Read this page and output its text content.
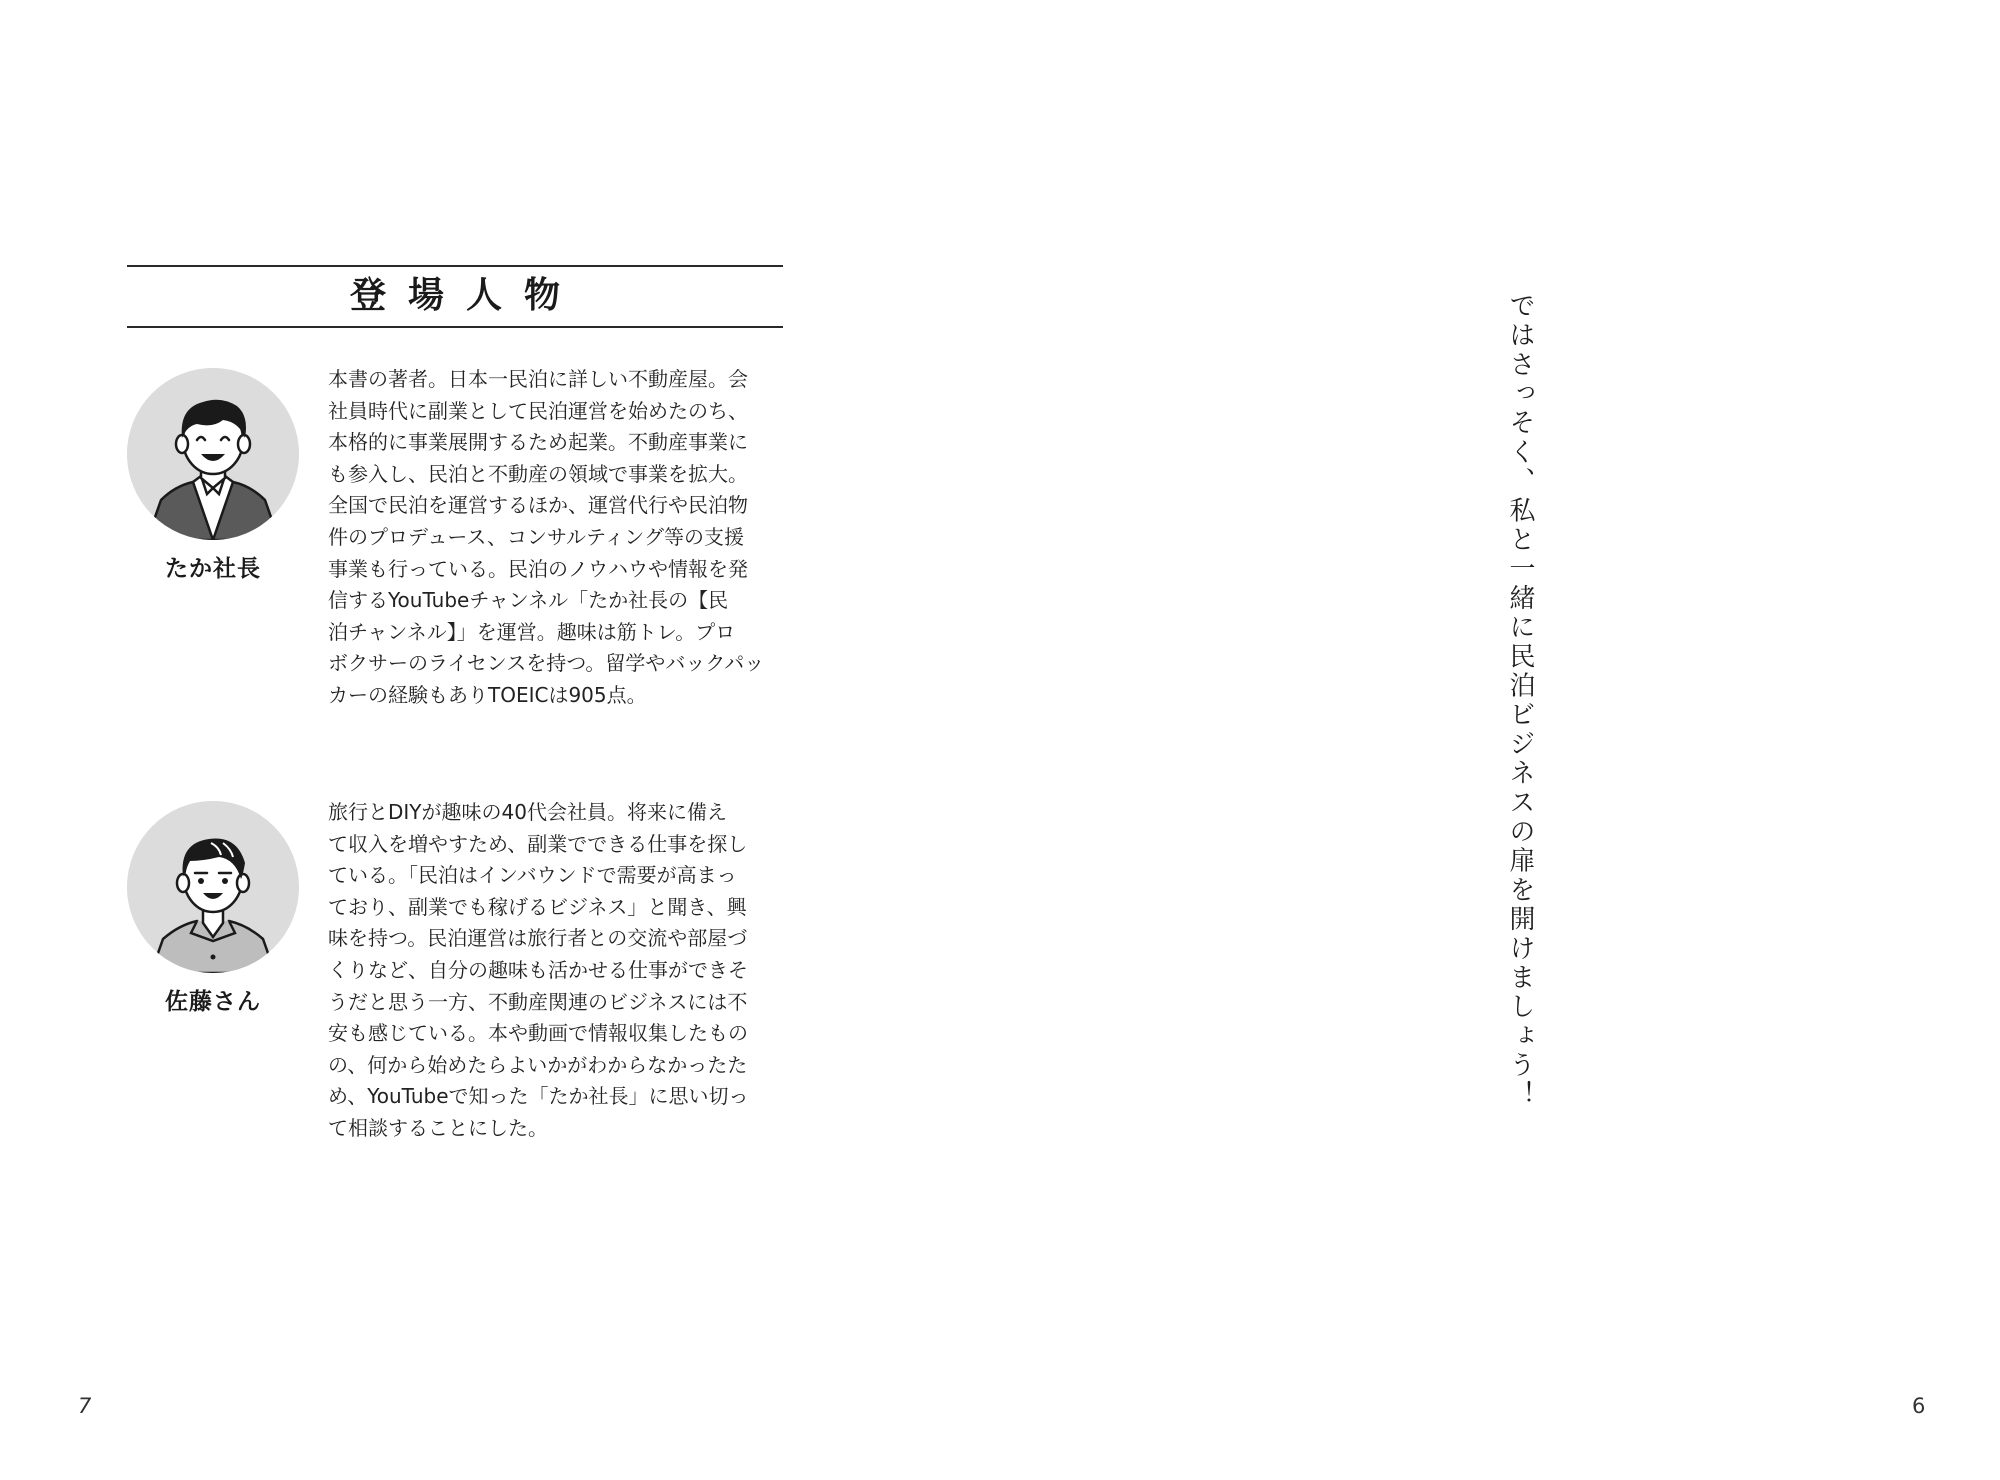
登場人物
たか社長
本書の著者。日本一民泊に詳しい不動産屋。会
社員時代に副業として民泊運営を始めたのち、
本格的に事業展開するため起業。不動産事業に
も参入し、民泊と不動産の領域で事業を拡大。
全国で民泊を運営するほか、運営代行や民泊物
件のプロデュース、コンサルティング等の支援
事業も行っている。民泊のノウハウや情報を発
信するYouTubeチャンネル「たか社長の【民
泊チャンネル】」を運営。趣味は筋トレ。プロ
ボクサーのライセンスを持つ。留学やバックパッ
カーの経験もありTOEICは905点。
佐藤さん
旅行とDIYが趣味の40代会社員。将来に備え
て収入を増やすため、副業でできる仕事を探し
ている。「民泊はインバウンドで需要が高まっ
ており、副業でも稼げるビジネス」と聞き、興
味を持つ。民泊運営は旅行者との交流や部屋づ
くりなど、自分の趣味も活かせる仕事ができそ
うだと思う一方、不動産関連のビジネスには不
安も感じている。本や動画で情報収集したもの
の、何から始めたらよいかがわからなかったた
め、YouTubeで知った「たか社長」に思い切っ
て相談することにした。
7
ではさっそく、私と一緒に民泊ビジネスの扉を開けましょう！
6
